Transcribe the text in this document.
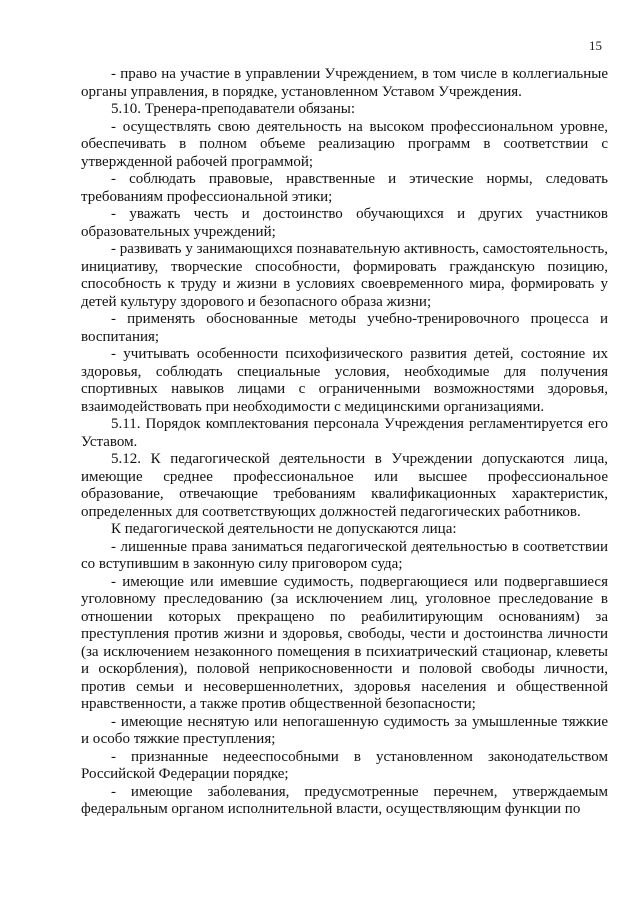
15

- право на участие в управлении Учреждением, в том числе в коллегиальные органы управления, в порядке, установленном Уставом Учреждения.

5.10. Тренера-преподаватели обязаны:

- осуществлять свою деятельность на высоком профессиональном уровне, обеспечивать в полном объеме реализацию программ в соответствии с утвержденной рабочей программой;

- соблюдать правовые, нравственные и этические нормы, следовать требованиям профессиональной этики;

- уважать честь и достоинство обучающихся и других участников образовательных учреждений;

- развивать у занимающихся познавательную активность, самостоятельность, инициативу, творческие способности, формировать гражданскую позицию, способность к труду и жизни в условиях своевременного мира, формировать у детей культуру здорового и безопасного образа жизни;

- применять обоснованные методы учебно-тренировочного процесса и воспитания;

- учитывать особенности психофизического развития детей, состояние их здоровья, соблюдать специальные условия, необходимые для получения спортивных навыков лицами с ограниченными возможностями здоровья, взаимодействовать при необходимости с медицинскими организациями.

5.11. Порядок комплектования персонала Учреждения регламентируется его Уставом.

5.12. К педагогической деятельности в Учреждении допускаются лица, имеющие среднее профессиональное или высшее профессиональное образование, отвечающие требованиям квалификационных характеристик, определенных для соответствующих должностей педагогических работников.

К педагогической деятельности не допускаются лица:

- лишенные права заниматься педагогической деятельностью в соответствии со вступившим в законную силу приговором суда;

- имеющие или имевшие судимость, подвергающиеся или подвергавшиеся уголовному преследованию (за исключением лиц, уголовное преследование в отношении которых прекращено по реабилитирующим основаниям) за преступления против жизни и здоровья, свободы, чести и достоинства личности (за исключением незаконного помещения в психиатрический стационар, клеветы и оскорбления), половой неприкосновенности и половой свободы личности, против семьи и несовершеннолетних, здоровья населения и общественной нравственности, а также против общественной безопасности;

- имеющие неснятую или непогашенную судимость за умышленные тяжкие и особо тяжкие преступления;

- признанные недееспособными в установленном законодательством Российской Федерации порядке;

- имеющие заболевания, предусмотренные перечнем, утверждаемым федеральным органом исполнительной власти, осуществляющим функции по
